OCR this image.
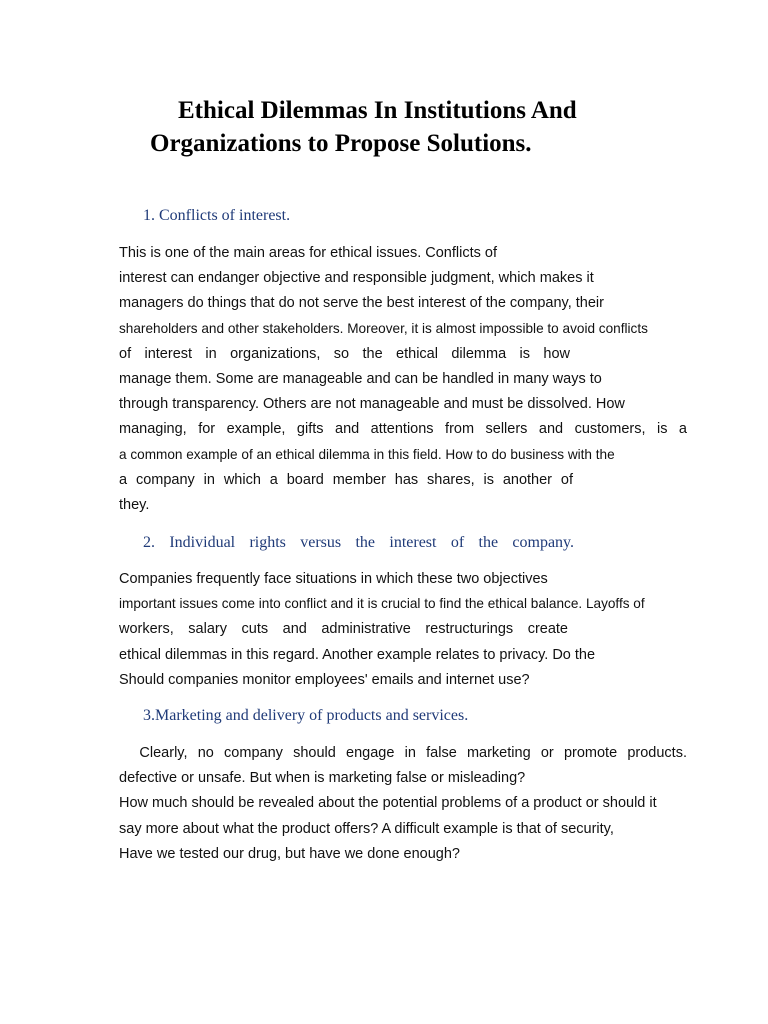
Ethical Dilemmas In Institutions And
Organizations to Propose Solutions.
1. Conflicts of interest.
This is one of the main areas for ethical issues. Conflicts of
interest can endanger objective and responsible judgment, which makes it
managers do things that do not serve the best interest of the company, their
shareholders and other stakeholders. Moreover, it is almost impossible to avoid conflicts
of interest in organizations, so the ethical dilemma is how
manage them. Some are manageable and can be handled in many ways to
through transparency. Others are not manageable and must be dissolved. How
managing, for example, gifts and attentions from sellers and customers, is a
a common example of an ethical dilemma in this field. How to do business with the
a company in which a board member has shares, is another of
they.
2. Individual rights versus the interest of the company.
Companies frequently face situations in which these two objectives
important issues come into conflict and it is crucial to find the ethical balance. Layoffs of
workers, salary cuts and administrative restructurings create
ethical dilemmas in this regard. Another example relates to privacy. Do the
Should companies monitor employees' emails and internet use?
3.Marketing and delivery of products and services.
Clearly, no company should engage in false marketing or promote products.
defective or unsafe. But when is marketing false or misleading?
How much should be revealed about the potential problems of a product or should it
say more about what the product offers? A difficult example is that of security,
Have we tested our drug, but have we done enough?
